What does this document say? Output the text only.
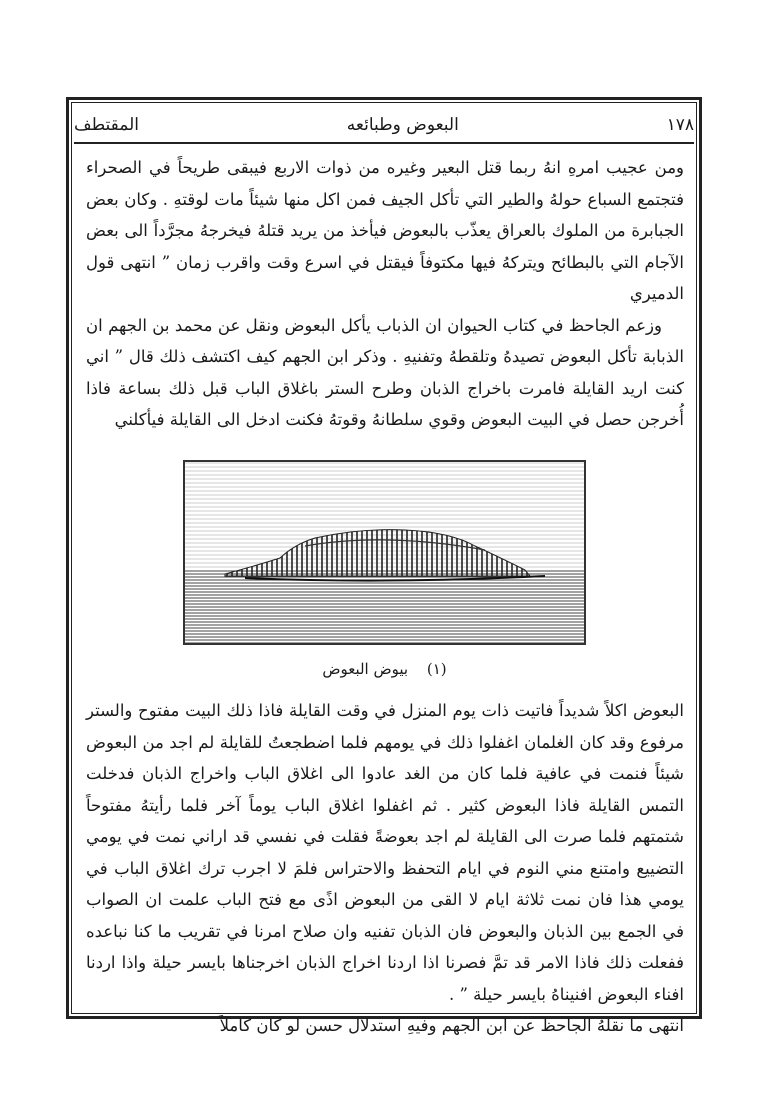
١٧٨
البعوض وطبائعه
المقتطف

ومن عجيب امرهِ انهُ ربما قتل البعير وغيره من ذوات الاربع فيبقى طريحاً في الصحراء فتجتمع السباع حولهُ والطير التي تأكل الجيف فمن اكل منها شيئاً مات لوقتهِ . وكان بعض الجبابرة من الملوك بالعراق يعذّب بالبعوض فيأخذ من يريد قتلهُ فيخرجهُ مجرَّداً الى بعض الآجام التي بالبطائح ويتركهُ فيها مكتوفاً فيقتل في اسرع وقت واقرب زمان ” انتهى قول الدميري

وزعم الجاحظ في كتاب الحيوان ان الذباب يأكل البعوض ونقل عن محمد بن الجهم ان الذبابة تأكل البعوض تصيدهُ وتلقطهُ وتفنيهِ . وذكر ابن الجهم كيف اكتشف ذلك قال ” اني كنت اريد القايلة فامرت باخراج الذبان وطرح الستر باغلاق الباب قبل ذلك بساعة فاذا أُخرجن حصل في البيت البعوض وقوي سلطانهُ وقوتهُ فكنت ادخل الى القايلة فيأكلني

(١) بيوض البعوض

البعوض اكلاً شديداً فاتيت ذات يوم المنزل في وقت القايلة فاذا ذلك البيت مفتوح والستر مرفوع وقد كان الغلمان اغفلوا ذلك في يومهم فلما اضطجعتُ للقايلة لم اجد من البعوض شيئاً فنمت في عافية فلما كان من الغد عادوا الى اغلاق الباب واخراج الذبان فدخلت التمس القايلة فاذا البعوض كثير . ثم اغفلوا اغلاق الباب يوماً آخر فلما رأيتهُ مفتوحاً شتمتهم فلما صرت الى القايلة لم اجد بعوضةً فقلت في نفسي قد اراني نمت في يومي التضييع وامتنع مني النوم في ايام التحفظ والاحتراس فلمَ لا اجرب ترك اغلاق الباب في يومي هذا فان نمت ثلاثة ايام لا القى من البعوض اذًى مع فتح الباب علمت ان الصواب في الجمع بين الذبان والبعوض فان الذبان تفنيه وان صلاح امرنا في تقريب ما كنا نباعده ففعلت ذلك فاذا الامر قد تمَّ فصرنا اذا اردنا اخراج الذبان اخرجناها بايسر حيلة واذا اردنا افناء البعوض افنيناهُ بايسر حيلة ” .

انتهى ما نقلهُ الجاحظ عن ابن الجهم وفيهِ استدلال حسن لو كان كاملاً
